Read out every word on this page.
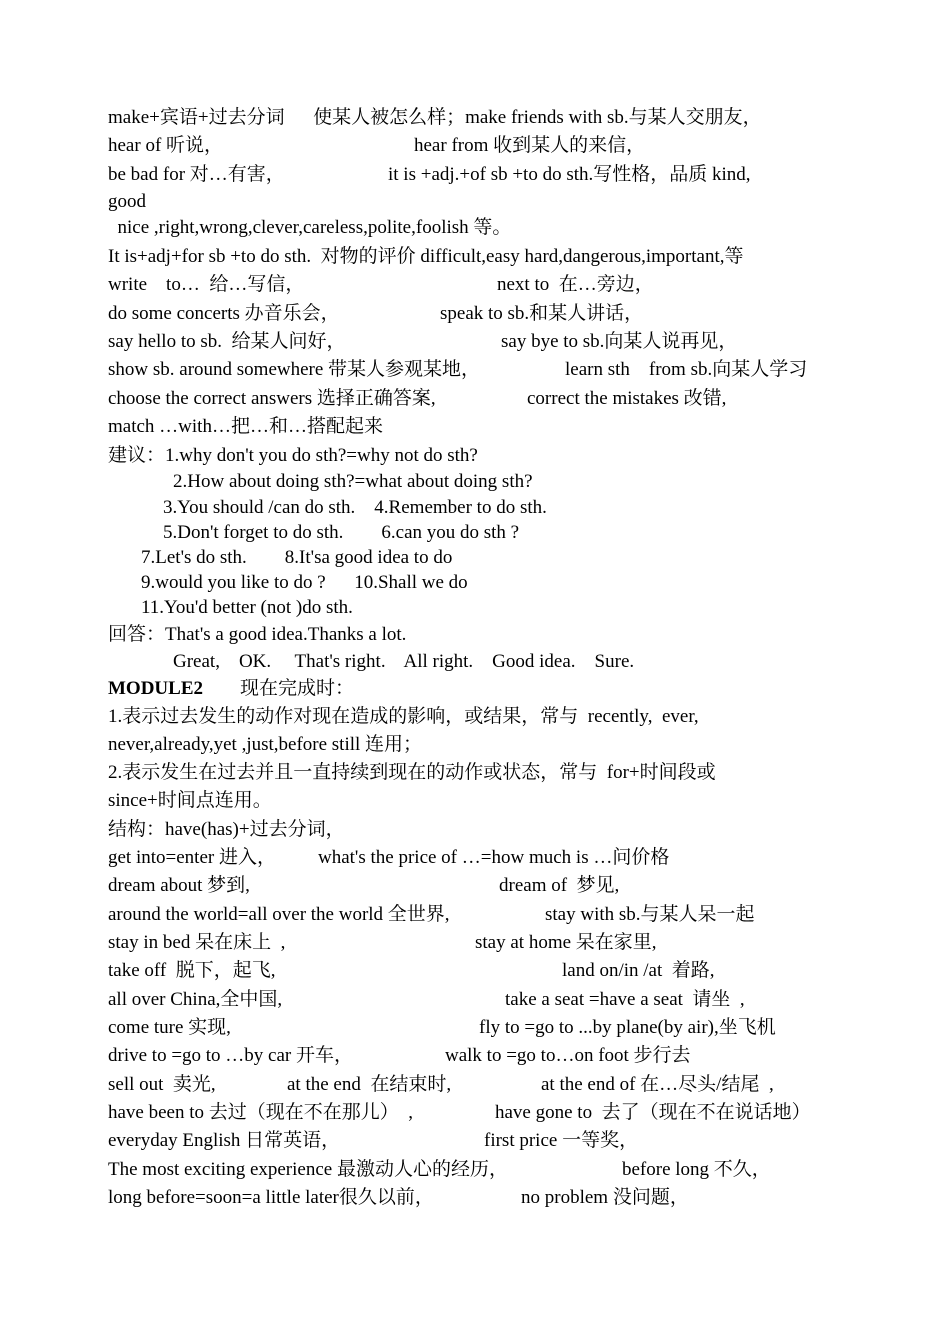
make+宾语+过去分词      使某人被怎么样；make friends with sb.与某人交朋友，
hear of 听说，	hear from 收到某人的来信，
be bad for 对…有害，	it is +adj.+of sb +to do sth.写性格，品质 kind,
good
nice ,right,wrong,clever,careless,polite,foolish 等。
It is+adj+for sb +to do sth.  对物的评价 difficult,easy hard,dangerous,important,等
write    to…  给…写信，	next to  在…旁边，
do some concerts 办音乐会，	speak to sb.和某人讲话，
say hello to sb.  给某人问好，	say bye to sb.向某人说再见，
show sb. around somewhere 带某人参观某地，	learn sth    from sb.向某人学习
choose the correct answers 选择正确答案,	correct the mistakes 改错,
match …with…把…和…搭配起来
建议：1.why don't you do sth?=why not do sth?
2.How about doing sth?=what about doing sth?
3.You should /can do sth.    4.Remember to do sth.
5.Don't forget to do sth.        6.can you do sth ?
7.Let's do sth.        8.It'sa good idea to do
9.would you like to do ?      10.Shall we do
11.You'd better (not )do sth.
回答：That's a good idea.Thanks a lot.
Great,    OK.     That's right.    All right.    Good idea.    Sure.
MODULE2 现在完成时：
1.表示过去发生的动作对现在造成的影响，或结果，常与  recently,  ever,
never,already,yet ,just,before still 连用；
2.表示发生在过去并且一直持续到现在的动作或状态，常与  for+时间段或
since+时间点连用。
结构：have(has)+过去分词，
get into=enter 进入， what's the price of …=how much is …问价格
dream about 梦到,	dream of  梦见,
around the world=all over the world 全世界,	stay with sb.与某人呆一起
stay in bed 呆在床上  ,	stay at home 呆在家里,
take off  脱下，起飞,	land on/in /at  着路,
all over China,全中国,	take a seat =have a seat  请坐  ,
come ture 实现,	fly to =go to ...by plane(by air),坐飞机
drive to =go to …by car 开车，	walk to =go to…on foot 步行去
sell out  卖光,	at the end  在结束时,	at the end of 在…尽头/结尾  ,
have been to 去过（现在不在那儿）  ,	have gone to  去了（现在不在说话地）
everyday English 日常英语，	first price 一等奖，
The most exciting experience 最激动人心的经历，	before long 不久，
long before=soon=a little later很久以前，	no problem 没问题，
